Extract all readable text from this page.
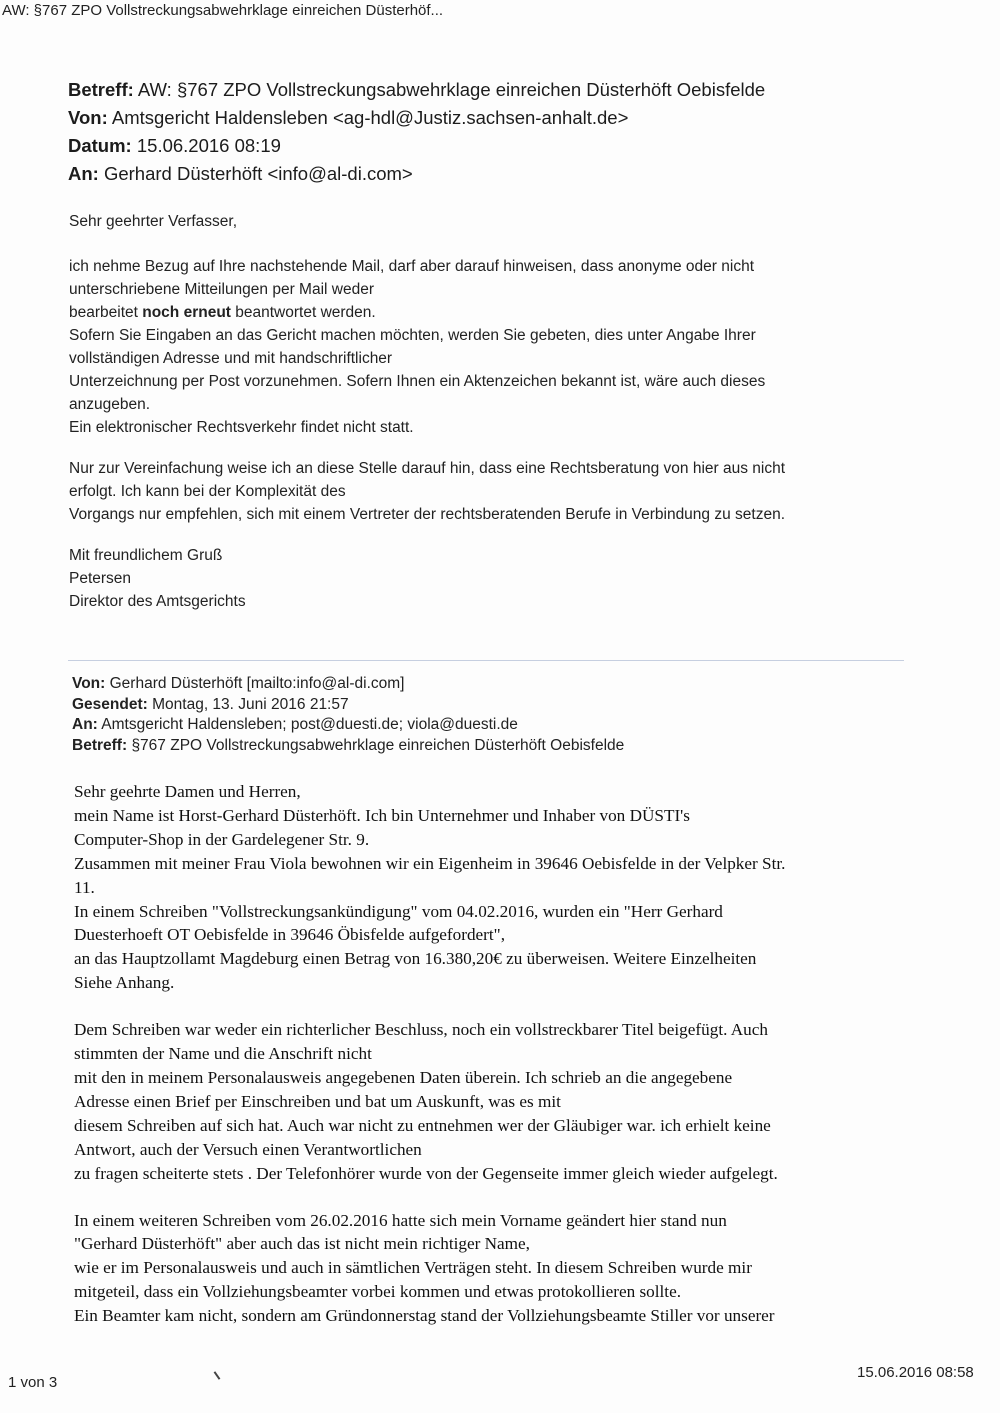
AW: §767 ZPO Vollstreckungsabwehrklage einreichen Düsterhöf...
Betreff: AW: §767 ZPO Vollstreckungsabwehrklage einreichen Düsterhöft Oebisfelde
Von: Amtsgericht Haldensleben <ag-hdl@Justiz.sachsen-anhalt.de>
Datum: 15.06.2016 08:19
An: Gerhard Düsterhöft <info@al-di.com>

Sehr geehrter Verfasser,

ich nehme Bezug auf Ihre nachstehende Mail, darf aber darauf hinweisen, dass anonyme oder nicht

unterschriebene Mitteilungen per Mail weder

bearbeitet noch erneut beantwortet werden.

Sofern Sie Eingaben an das Gericht machen möchten, werden Sie gebeten, dies unter Angabe Ihrer

vollständigen Adresse und mit handschriftlicher

Unterzeichnung per Post vorzunehmen. Sofern Ihnen ein Aktenzeichen bekannt ist, wäre auch dieses

anzugeben.

Ein elektronischer Rechtsverkehr findet nicht statt.

Nur zur Vereinfachung weise ich an diese Stelle darauf hin, dass eine Rechtsberatung von hier aus nicht

erfolgt. Ich kann bei der Komplexität des

Vorgangs nur empfehlen, sich mit einem Vertreter der rechtsberatenden Berufe in Verbindung zu setzen.

Mit freundlichem Gruß

Petersen

Direktor des Amtsgerichts

Von: Gerhard Düsterhöft [mailto:info@al-di.com]
Gesendet: Montag, 13. Juni 2016 21:57
An: Amtsgericht Haldensleben; post@duesti.de; viola@duesti.de
Betreff: §767 ZPO Vollstreckungsabwehrklage einreichen Düsterhöft Oebisfelde
Sehr geehrte Damen und Herren,
mein Name ist Horst-Gerhard Düsterhöft. Ich bin Unternehmer und Inhaber von DÜSTI's
Computer-Shop in der Gardelegener Str. 9.
Zusammen mit meiner Frau Viola bewohnen wir ein Eigenheim in 39646 Oebisfelde in der Velpker Str.
11.
In einem Schreiben "Vollstreckungsankündigung" vom 04.02.2016, wurden ein "Herr Gerhard
Duesterhoeft OT Oebisfelde in 39646 Öbisfelde aufgefordert",
an das Hauptzollamt Magdeburg einen Betrag von 16.380,20€ zu überweisen. Weitere Einzelheiten
Siehe Anhang.
Dem Schreiben war weder ein richterlicher Beschluss, noch ein vollstreckbarer Titel beigefügt. Auch
stimmten der Name und die Anschrift nicht
mit den in meinem Personalausweis angegebenen Daten überein. Ich schrieb an die angegebene
Adresse einen Brief per Einschreiben und bat um Auskunft, was es mit
diesem Schreiben auf sich hat. Auch war nicht zu entnehmen wer der Gläubiger war. ich erhielt keine
Antwort, auch der Versuch einen Verantwortlichen
zu fragen scheiterte stets . Der Telefonhörer wurde von der Gegenseite immer gleich wieder aufgelegt.
In einem weiteren Schreiben vom 26.02.2016 hatte sich mein Vorname geändert hier stand nun
"Gerhard Düsterhöft" aber auch das ist nicht mein richtiger Name,
wie er im Personalausweis und auch in sämtlichen Verträgen steht. In diesem Schreiben wurde mir
mitgeteil, dass ein Vollziehungsbeamter vorbei kommen und etwas protokollieren sollte.
Ein Beamter kam nicht, sondern am Gründonnerstag stand der Vollziehungsbeamte Stiller vor unserer
1 von 3
15.06.2016 08:58
